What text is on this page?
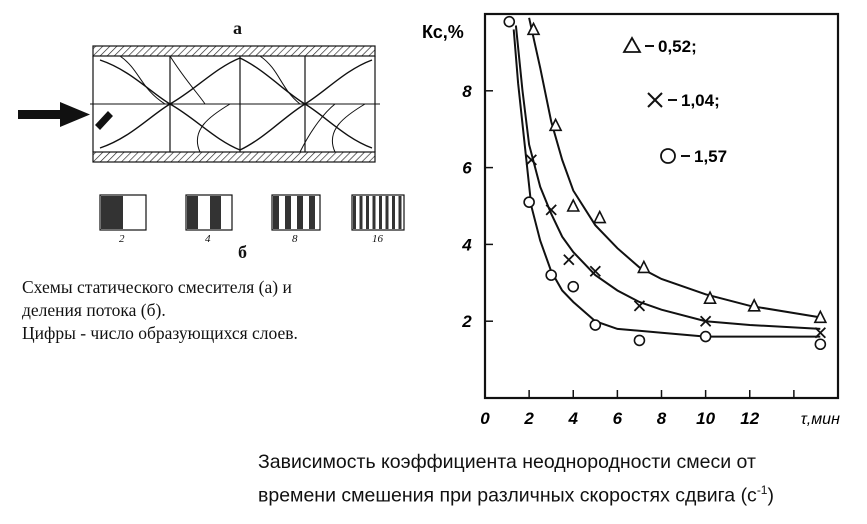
а
2	4	8	16
б
Схемы статического смесителя (а) и
деления потока (б).
Цифры - число образующихся слоев.
Кс,%
0 2 4 6 8 10 12	τ,мин
2
4
6
8
0,52;
1,04;
1,57
Зависимость коэффициента неоднородности смеси от
времени смешения при различных скоростях сдвига $(с^{-1})$
